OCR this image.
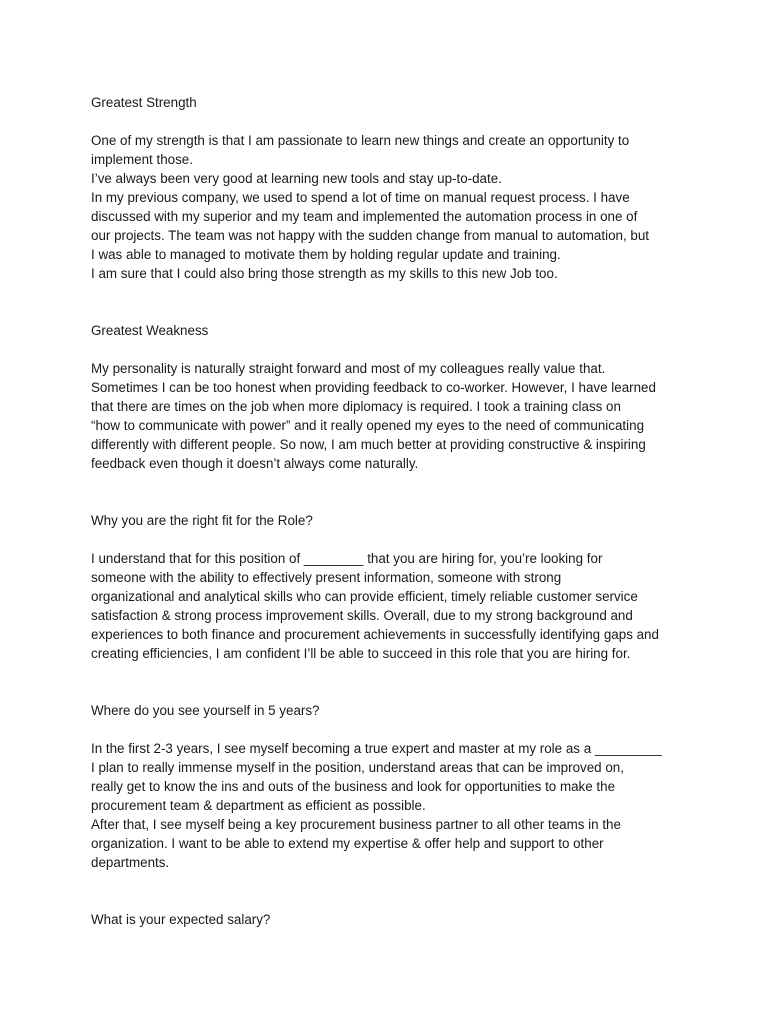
Greatest Strength

One of my strength is that I am passionate to learn new things and create an opportunity to
implement those.
I’ve always been very good at learning new tools and stay up-to-date.
In my previous company, we used to spend a lot of time on manual request process. I have
discussed with my superior and my team and implemented the automation process in one of
our projects. The team was not happy with the sudden change from manual to automation, but
I was able to managed to motivate them by holding regular update and training.
I am sure that I could also bring those strength as my skills to this new Job too.

Greatest Weakness

My personality is naturally straight forward and most of my colleagues really value that.
Sometimes I can be too honest when providing feedback to co-worker. However, I have learned
that there are times on the job when more diplomacy is required. I took a training class on
“how to communicate with power” and it really opened my eyes to the need of communicating
differently with different people. So now, I am much better at providing constructive & inspiring
feedback even though it doesn’t always come naturally.

Why you are the right fit for the Role?

I understand that for this position of ________ that you are hiring for, you’re looking for
someone with the ability to effectively present information, someone with strong
organizational and analytical skills who can provide efficient, timely reliable customer service
satisfaction & strong process improvement skills. Overall, due to my strong background and
experiences to both finance and procurement achievements in successfully identifying gaps and
creating efficiencies, I am confident I’ll be able to succeed in this role that you are hiring for.

Where do you see yourself in 5 years?

In the first 2-3 years, I see myself becoming a true expert and master at my role as a _________
I plan to really immense myself in the position, understand areas that can be improved on,
really get to know the ins and outs of the business and look for opportunities to make the
procurement team & department as efficient as possible.
After that, I see myself being a key procurement business partner to all other teams in the
organization. I want to be able to extend my expertise & offer help and support to other
departments.

What is your expected salary?
